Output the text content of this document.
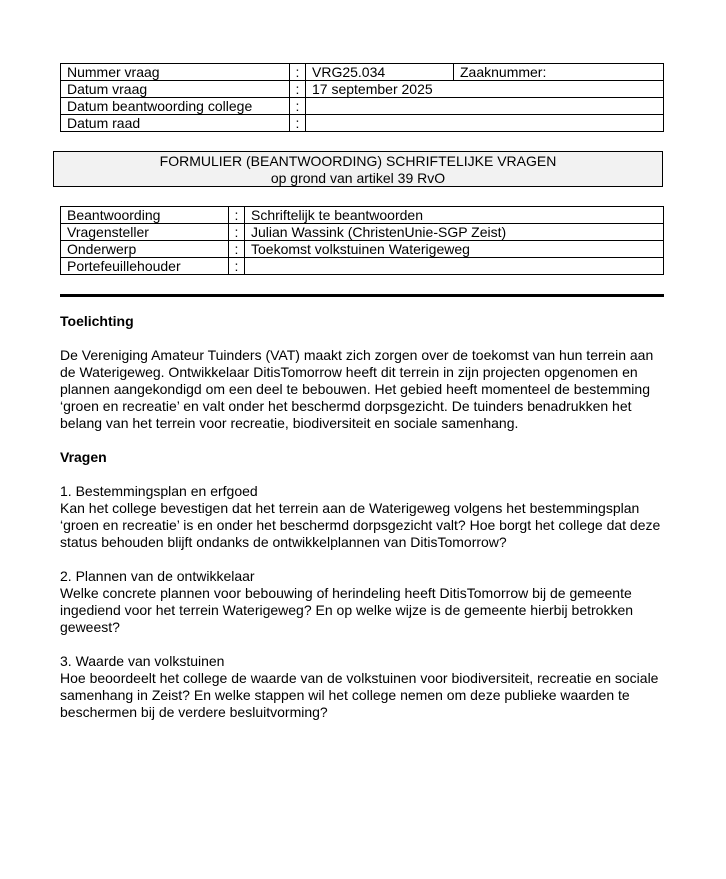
Nummer vraag	:	VRG25.034	Zaaknummer:
Datum vraag	:	17 september 2025	
Datum beantwoording college	:		
Datum raad	:		
FORMULIER (BEANTWOORDING) SCHRIFTELIJKE VRAGEN
op grond van artikel 39 RvO
Beantwoording	:	Schriftelijk te beantwoorden
Vragensteller	:	Julian Wassink (ChristenUnie-SGP Zeist)
Onderwerp	:	Toekomst volkstuinen Waterigeweg
Portefeuillehouder	:	
Toelichting

De Vereniging Amateur Tuinders (VAT) maakt zich zorgen over de toekomst van hun terrein aan de Waterigeweg. Ontwikkelaar DitisTomorrow heeft dit terrein in zijn projecten opgenomen en plannen aangekondigd om een deel te bebouwen. Het gebied heeft momenteel de bestemming ‘groen en recreatie’ en valt onder het beschermd dorpsgezicht. De tuinders benadrukken het belang van het terrein voor recreatie, biodiversiteit en sociale samenhang.

Vragen
1. Bestemmingsplan en erfgoed
Kan het college bevestigen dat het terrein aan de Waterigeweg volgens het bestemmingsplan ‘groen en recreatie’ is en onder het beschermd dorpsgezicht valt? Hoe borgt het college dat deze status behouden blijft ondanks de ontwikkelplannen van DitisTomorrow?
2. Plannen van de ontwikkelaar
Welke concrete plannen voor bebouwing of herindeling heeft DitisTomorrow bij de gemeente ingediend voor het terrein Waterigeweg? En op welke wijze is de gemeente hierbij betrokken geweest?
3. Waarde van volkstuinen
Hoe beoordeelt het college de waarde van de volkstuinen voor biodiversiteit, recreatie en sociale samenhang in Zeist? En welke stappen wil het college nemen om deze publieke waarden te beschermen bij de verdere besluitvorming?
